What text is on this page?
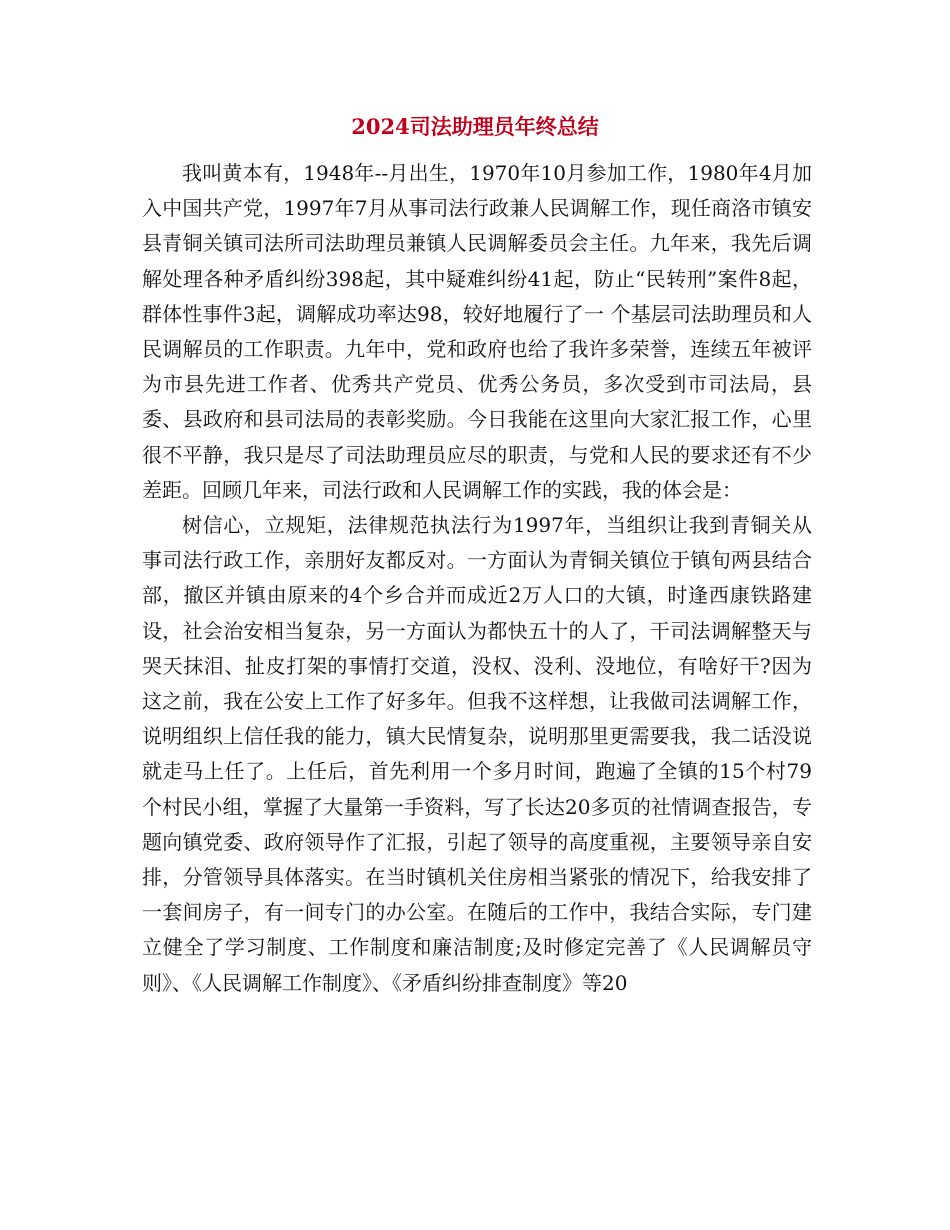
2024司法助理员年终总结

我叫黄本有，1948年--月出生，1970年10月参加工作，1980年4月加入中国共产党，1997年7月从事司法行政兼人民调解工作，现任商洛市镇安县青铜关镇司法所司法助理员兼镇人民调解委员会主任。九年来，我先后调解处理各种矛盾纠纷398起，其中疑难纠纷41起，防止“民转刑”案件8起，群体性事件3起，调解成功率达98，较好地履行了一 个基层司法助理员和人民调解员的工作职责。九年中，党和政府也给了我许多荣誉，连续五年被评为市县先进工作者、优秀共产党员、优秀公务员，多次受到市司法局，县委、县政府和县司法局的表彰奖励。今日我能在这里向大家汇报工作，心里很不平静，我只是尽了司法助理员应尽的职责，与党和人民的要求还有不少差距。回顾几年来，司法行政和人民调解工作的实践，我的体会是：

树信心，立规矩，法律规范执法行为1997年，当组织让我到青铜关从事司法行政工作，亲朋好友都反对。一方面认为青铜关镇位于镇旬两县结合部，撤区并镇由原来的4个乡合并而成近2万人口的大镇，时逢西康铁路建设，社会治安相当复杂，另一方面认为都快五十的人了，干司法调解整天与哭天抹泪、扯皮打架的事情打交道，没权、没利、没地位，有啥好干?因为这之前，我在公安上工作了好多年。但我不这样想，让我做司法调解工作，说明组织上信任我的能力，镇大民情复杂，说明那里更需要我，我二话没说就走马上任了。上任后，首先利用一个多月时间，跑遍了全镇的15个村79个村民小组，掌握了大量第一手资料，写了长达20多页的社情调查报告，专题向镇党委、政府领导作了汇报，引起了领导的高度重视，主要领导亲自安排，分管领导具体落实。在当时镇机关住房相当紧张的情况下，给我安排了一套间房子，有一间专门的办公室。在随后的工作中，我结合实际，专门建立健全了学习制度、工作制度和廉洁制度;及时修定完善了《人民调解员守则》、《人民调解工作制度》、《矛盾纠纷排查制度》等20
